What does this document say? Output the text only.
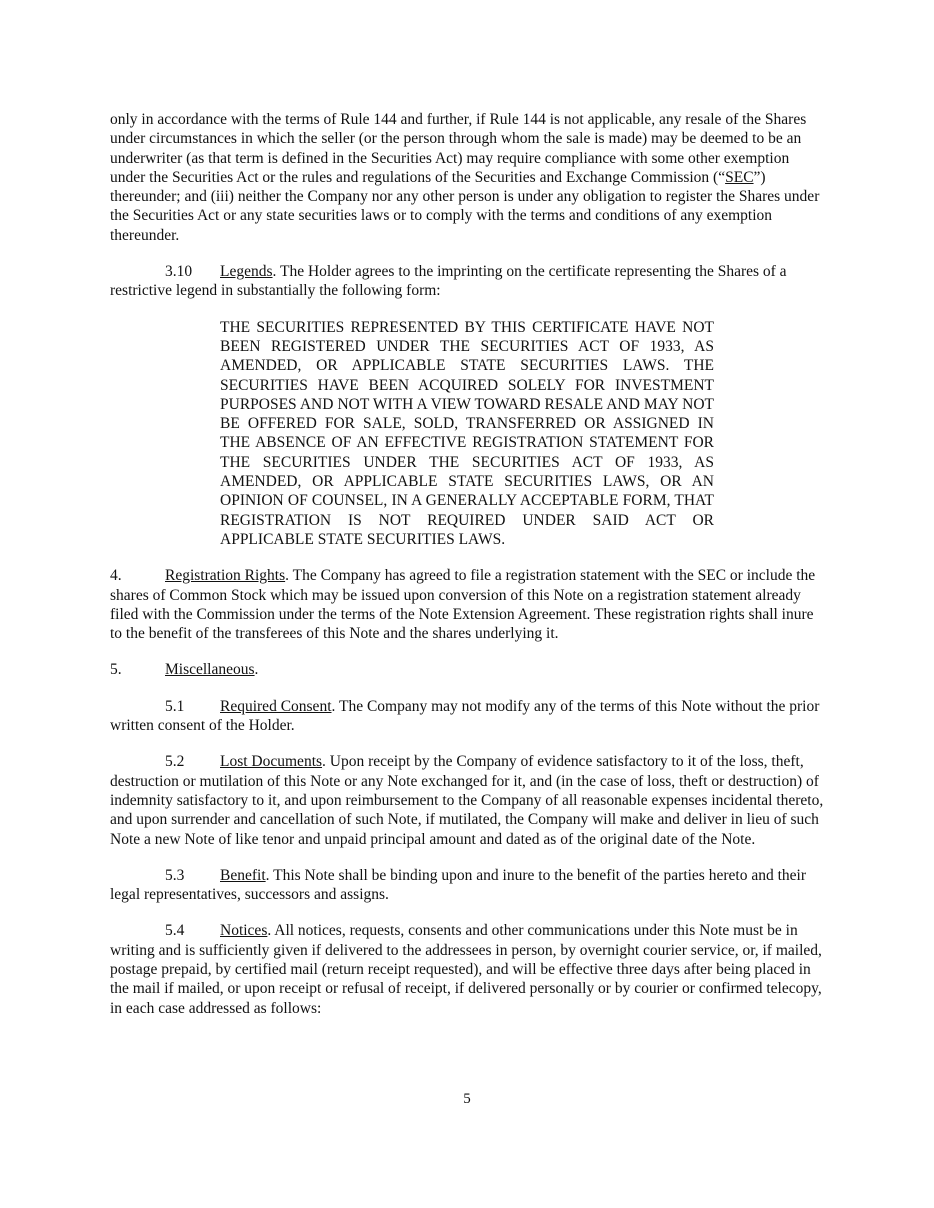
only in accordance with the terms of Rule 144 and further, if Rule 144 is not applicable, any resale of the Shares under circumstances in which the seller (or the person through whom the sale is made) may be deemed to be an underwriter (as that term is defined in the Securities Act) may require compliance with some other exemption under the Securities Act or the rules and regulations of the Securities and Exchange Commission (“SEC”) thereunder; and (iii) neither the Company nor any other person is under any obligation to register the Shares under the Securities Act or any state securities laws or to comply with the terms and conditions of any exemption thereunder.

3.10 Legends. The Holder agrees to the imprinting on the certificate representing the Shares of a restrictive legend in substantially the following form:

THE SECURITIES REPRESENTED BY THIS CERTIFICATE HAVE NOT BEEN REGISTERED UNDER THE SECURITIES ACT OF 1933, AS AMENDED, OR APPLICABLE STATE SECURITIES LAWS. THE SECURITIES HAVE BEEN ACQUIRED SOLELY FOR INVESTMENT PURPOSES AND NOT WITH A VIEW TOWARD RESALE AND MAY NOT BE OFFERED FOR SALE, SOLD, TRANSFERRED OR ASSIGNED IN THE ABSENCE OF AN EFFECTIVE REGISTRATION STATEMENT FOR THE SECURITIES UNDER THE SECURITIES ACT OF 1933, AS AMENDED, OR APPLICABLE STATE SECURITIES LAWS, OR AN OPINION OF COUNSEL, IN A GENERALLY ACCEPTABLE FORM, THAT REGISTRATION IS NOT REQUIRED UNDER SAID ACT OR APPLICABLE STATE SECURITIES LAWS.

4.	Registration Rights. The Company has agreed to file a registration statement with the SEC or include the shares of Common Stock which may be issued upon conversion of this Note on a registration statement already filed with the Commission under the terms of the Note Extension Agreement. These registration rights shall inure to the benefit of the transferees of this Note and the shares underlying it.

5.	Miscellaneous.

5.1 Required Consent. The Company may not modify any of the terms of this Note without the prior written consent of the Holder.

5.2 Lost Documents. Upon receipt by the Company of evidence satisfactory to it of the loss, theft, destruction or mutilation of this Note or any Note exchanged for it, and (in the case of loss, theft or destruction) of indemnity satisfactory to it, and upon reimbursement to the Company of all reasonable expenses incidental thereto, and upon surrender and cancellation of such Note, if mutilated, the Company will make and deliver in lieu of such Note a new Note of like tenor and unpaid principal amount and dated as of the original date of the Note.

5.3 Benefit. This Note shall be binding upon and inure to the benefit of the parties hereto and their legal representatives, successors and assigns.

5.4 Notices. All notices, requests, consents and other communications under this Note must be in writing and is sufficiently given if delivered to the addressees in person, by overnight courier service, or, if mailed, postage prepaid, by certified mail (return receipt requested), and will be effective three days after being placed in the mail if mailed, or upon receipt or refusal of receipt, if delivered personally or by courier or confirmed telecopy, in each case addressed as follows:

5
